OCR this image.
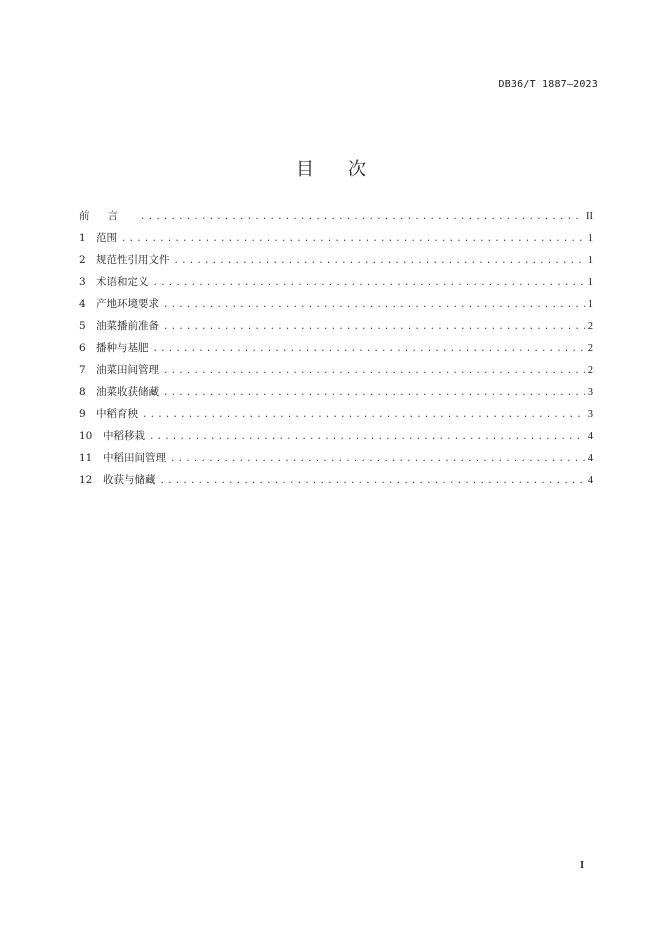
DB36/T 1887—2023
目 次
前言 .....	II
1 范围 .....	1
2 规范性引用文件 .....	1
3 术语和定义 .....	1
4 产地环境要求 .....	1
5 油菜播前准备 .....	2
6 播种与基肥 .....	2
7 油菜田间管理 .....	2
8 油菜收获储藏 .....	3
9 中稻育秧 .....	3
10	中稻移栽 .....	4
11	中稻田间管理 .....	4
12	收获与储藏 .....	4
I
